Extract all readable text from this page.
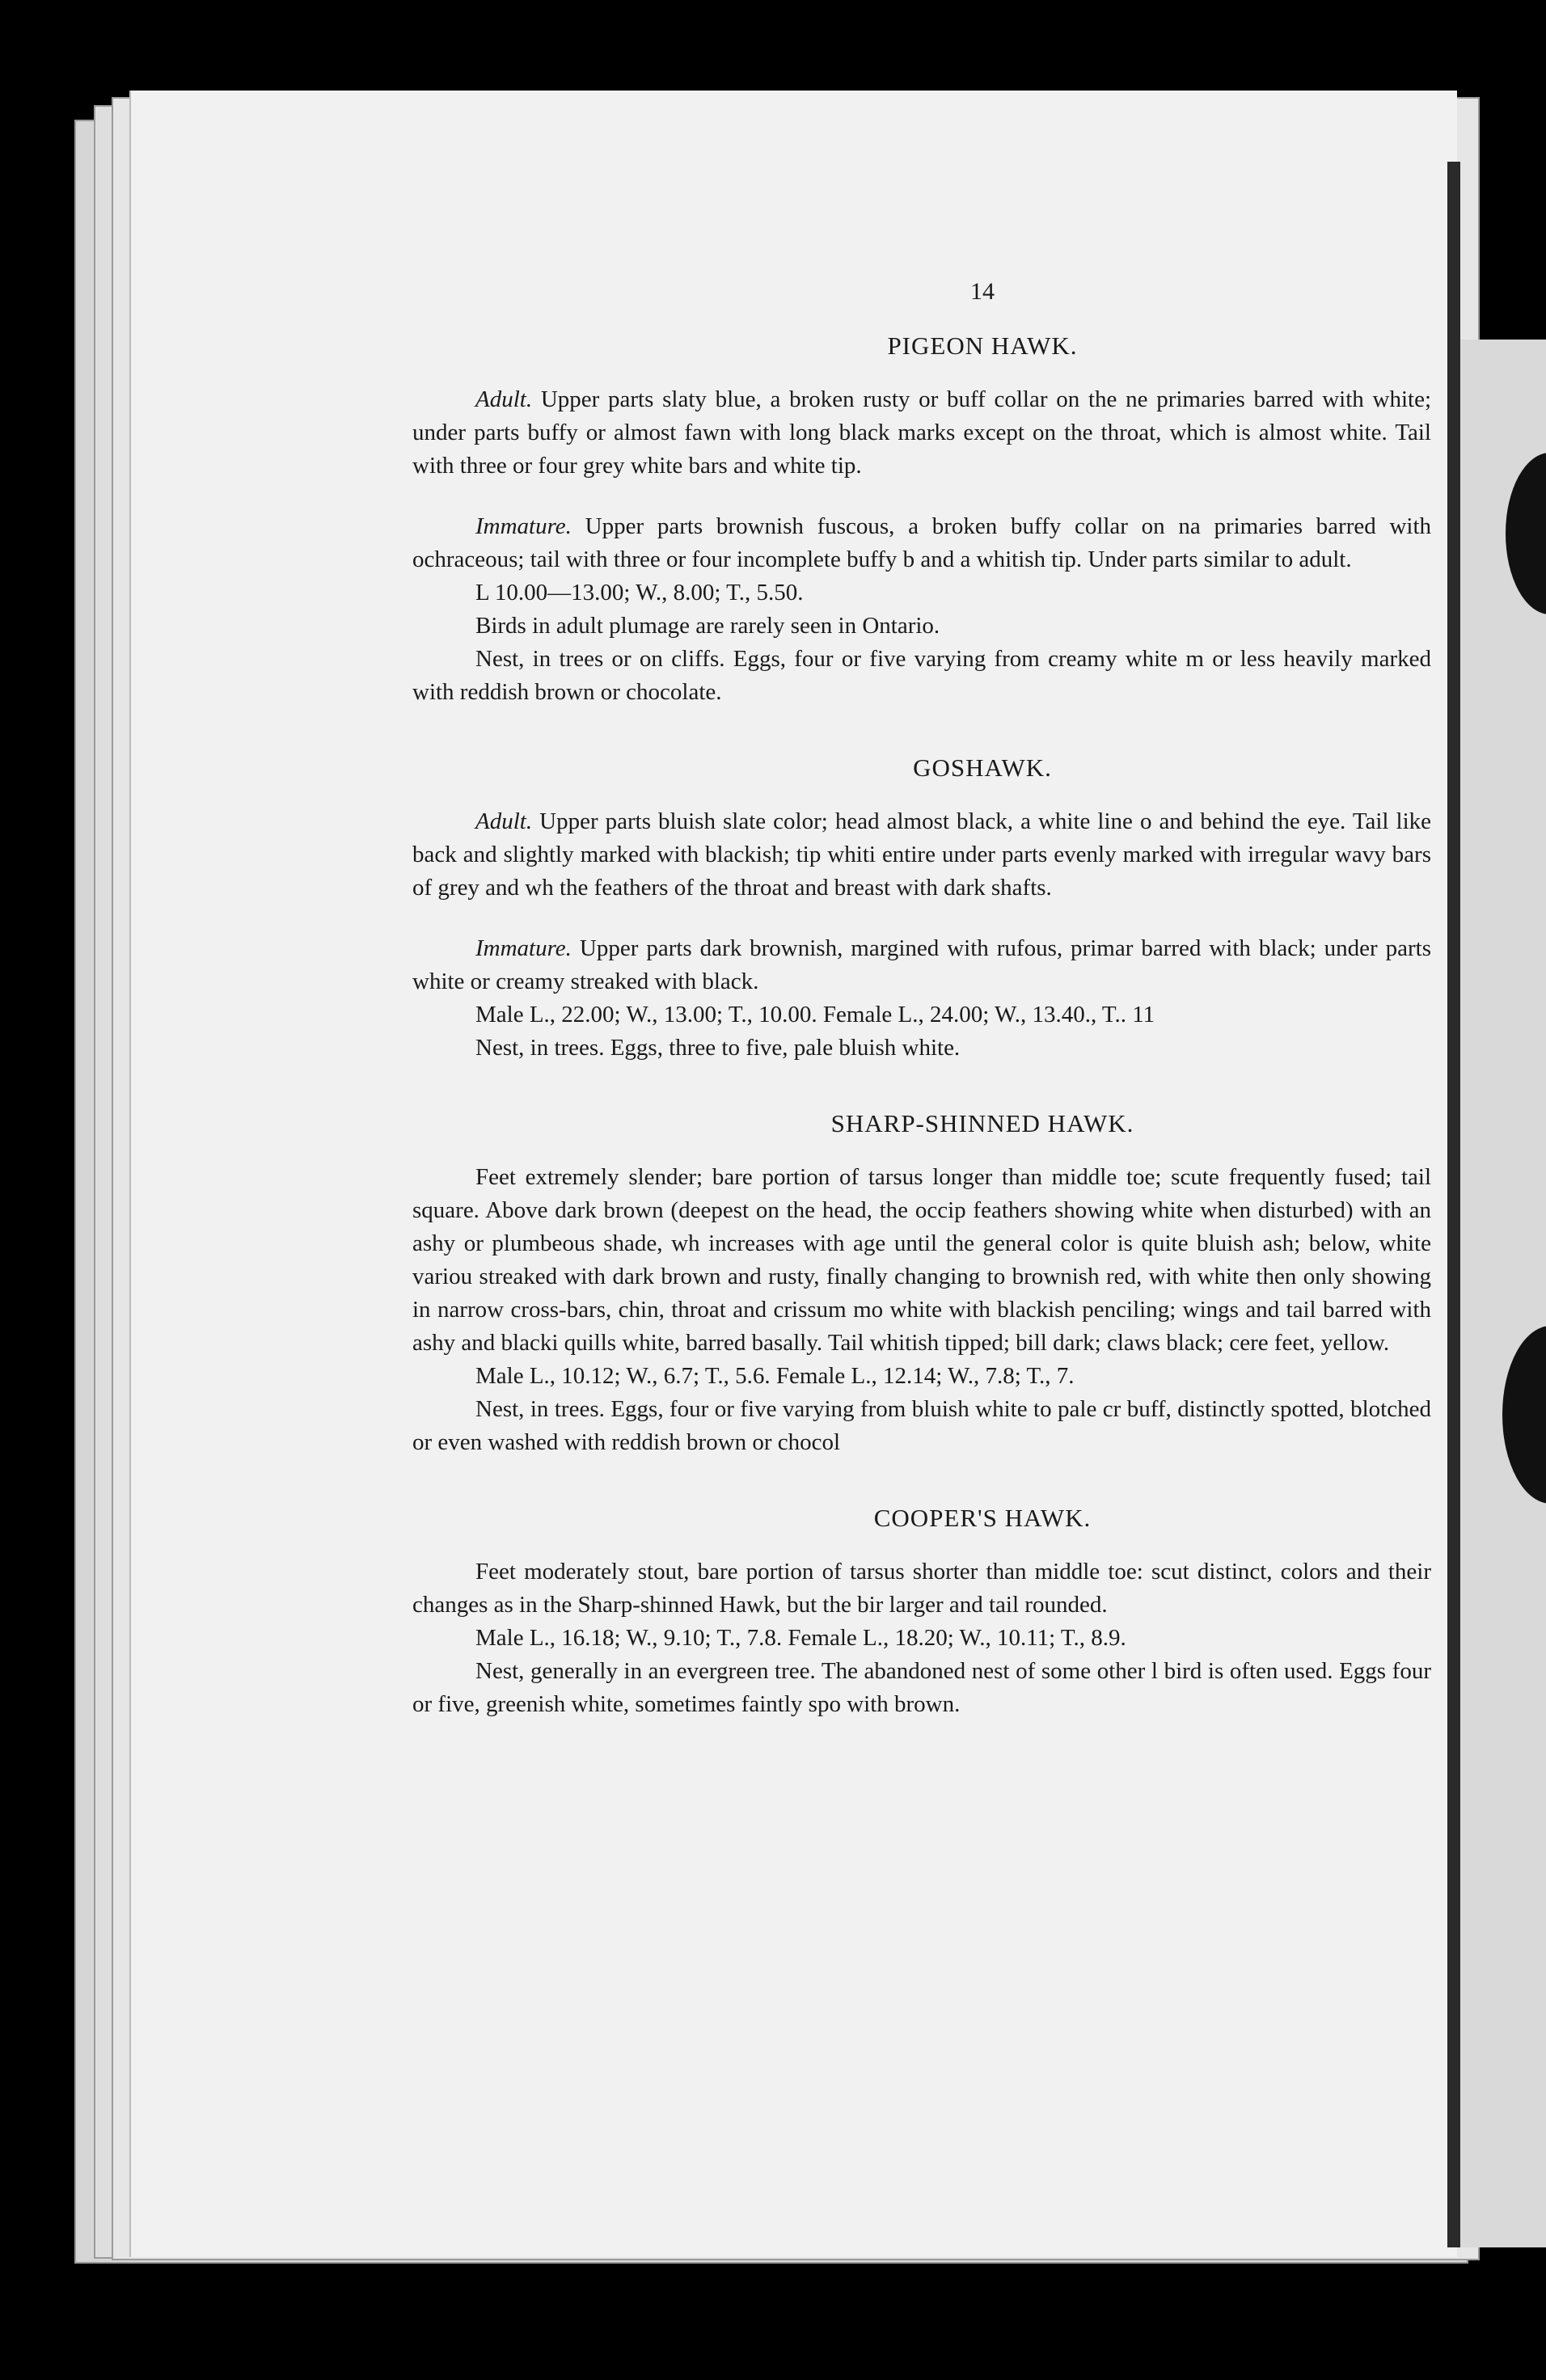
14
PIGEON HAWK.

Adult. Upper parts slaty blue, a broken rusty or buff collar on the ne primaries barred with white; under parts buffy or almost fawn with long black marks except on the throat, which is almost white. Tail with three or four grey white bars and white tip.

Immature. Upper parts brownish fuscous, a broken buffy collar on na primaries barred with ochraceous; tail with three or four incomplete buffy b and a whitish tip. Under parts similar to adult.

L 10.00—13.00; W., 8.00; T., 5.50.

Birds in adult plumage are rarely seen in Ontario.

Nest, in trees or on cliffs. Eggs, four or five varying from creamy white m or less heavily marked with reddish brown or chocolate.

GOSHAWK.

Adult. Upper parts bluish slate color; head almost black, a white line o and behind the eye. Tail like back and slightly marked with blackish; tip whiti entire under parts evenly marked with irregular wavy bars of grey and wh the feathers of the throat and breast with dark shafts.

Immature. Upper parts dark brownish, margined with rufous, primar barred with black; under parts white or creamy streaked with black.

Male L., 22.00; W., 13.00; T., 10.00. Female L., 24.00; W., 13.40., T.. 11

Nest, in trees. Eggs, three to five, pale bluish white.

SHARP-SHINNED HAWK.

Feet extremely slender; bare portion of tarsus longer than middle toe; scute frequently fused; tail square. Above dark brown (deepest on the head, the occip feathers showing white when disturbed) with an ashy or plumbeous shade, wh increases with age until the general color is quite bluish ash; below, white variou streaked with dark brown and rusty, finally changing to brownish red, with white then only showing in narrow cross-bars, chin, throat and crissum mo white with blackish penciling; wings and tail barred with ashy and blacki quills white, barred basally. Tail whitish tipped; bill dark; claws black; cere feet, yellow.

Male L., 10.12; W., 6.7; T., 5.6. Female L., 12.14; W., 7.8; T., 7.

Nest, in trees. Eggs, four or five varying from bluish white to pale cr buff, distinctly spotted, blotched or even washed with reddish brown or chocol

COOPER'S HAWK.

Feet moderately stout, bare portion of tarsus shorter than middle toe: scut distinct, colors and their changes as in the Sharp-shinned Hawk, but the bir larger and tail rounded.

Male L., 16.18; W., 9.10; T., 7.8. Female L., 18.20; W., 10.11; T., 8.9.

Nest, generally in an evergreen tree. The abandoned nest of some other l bird is often used. Eggs four or five, greenish white, sometimes faintly spo with brown.
